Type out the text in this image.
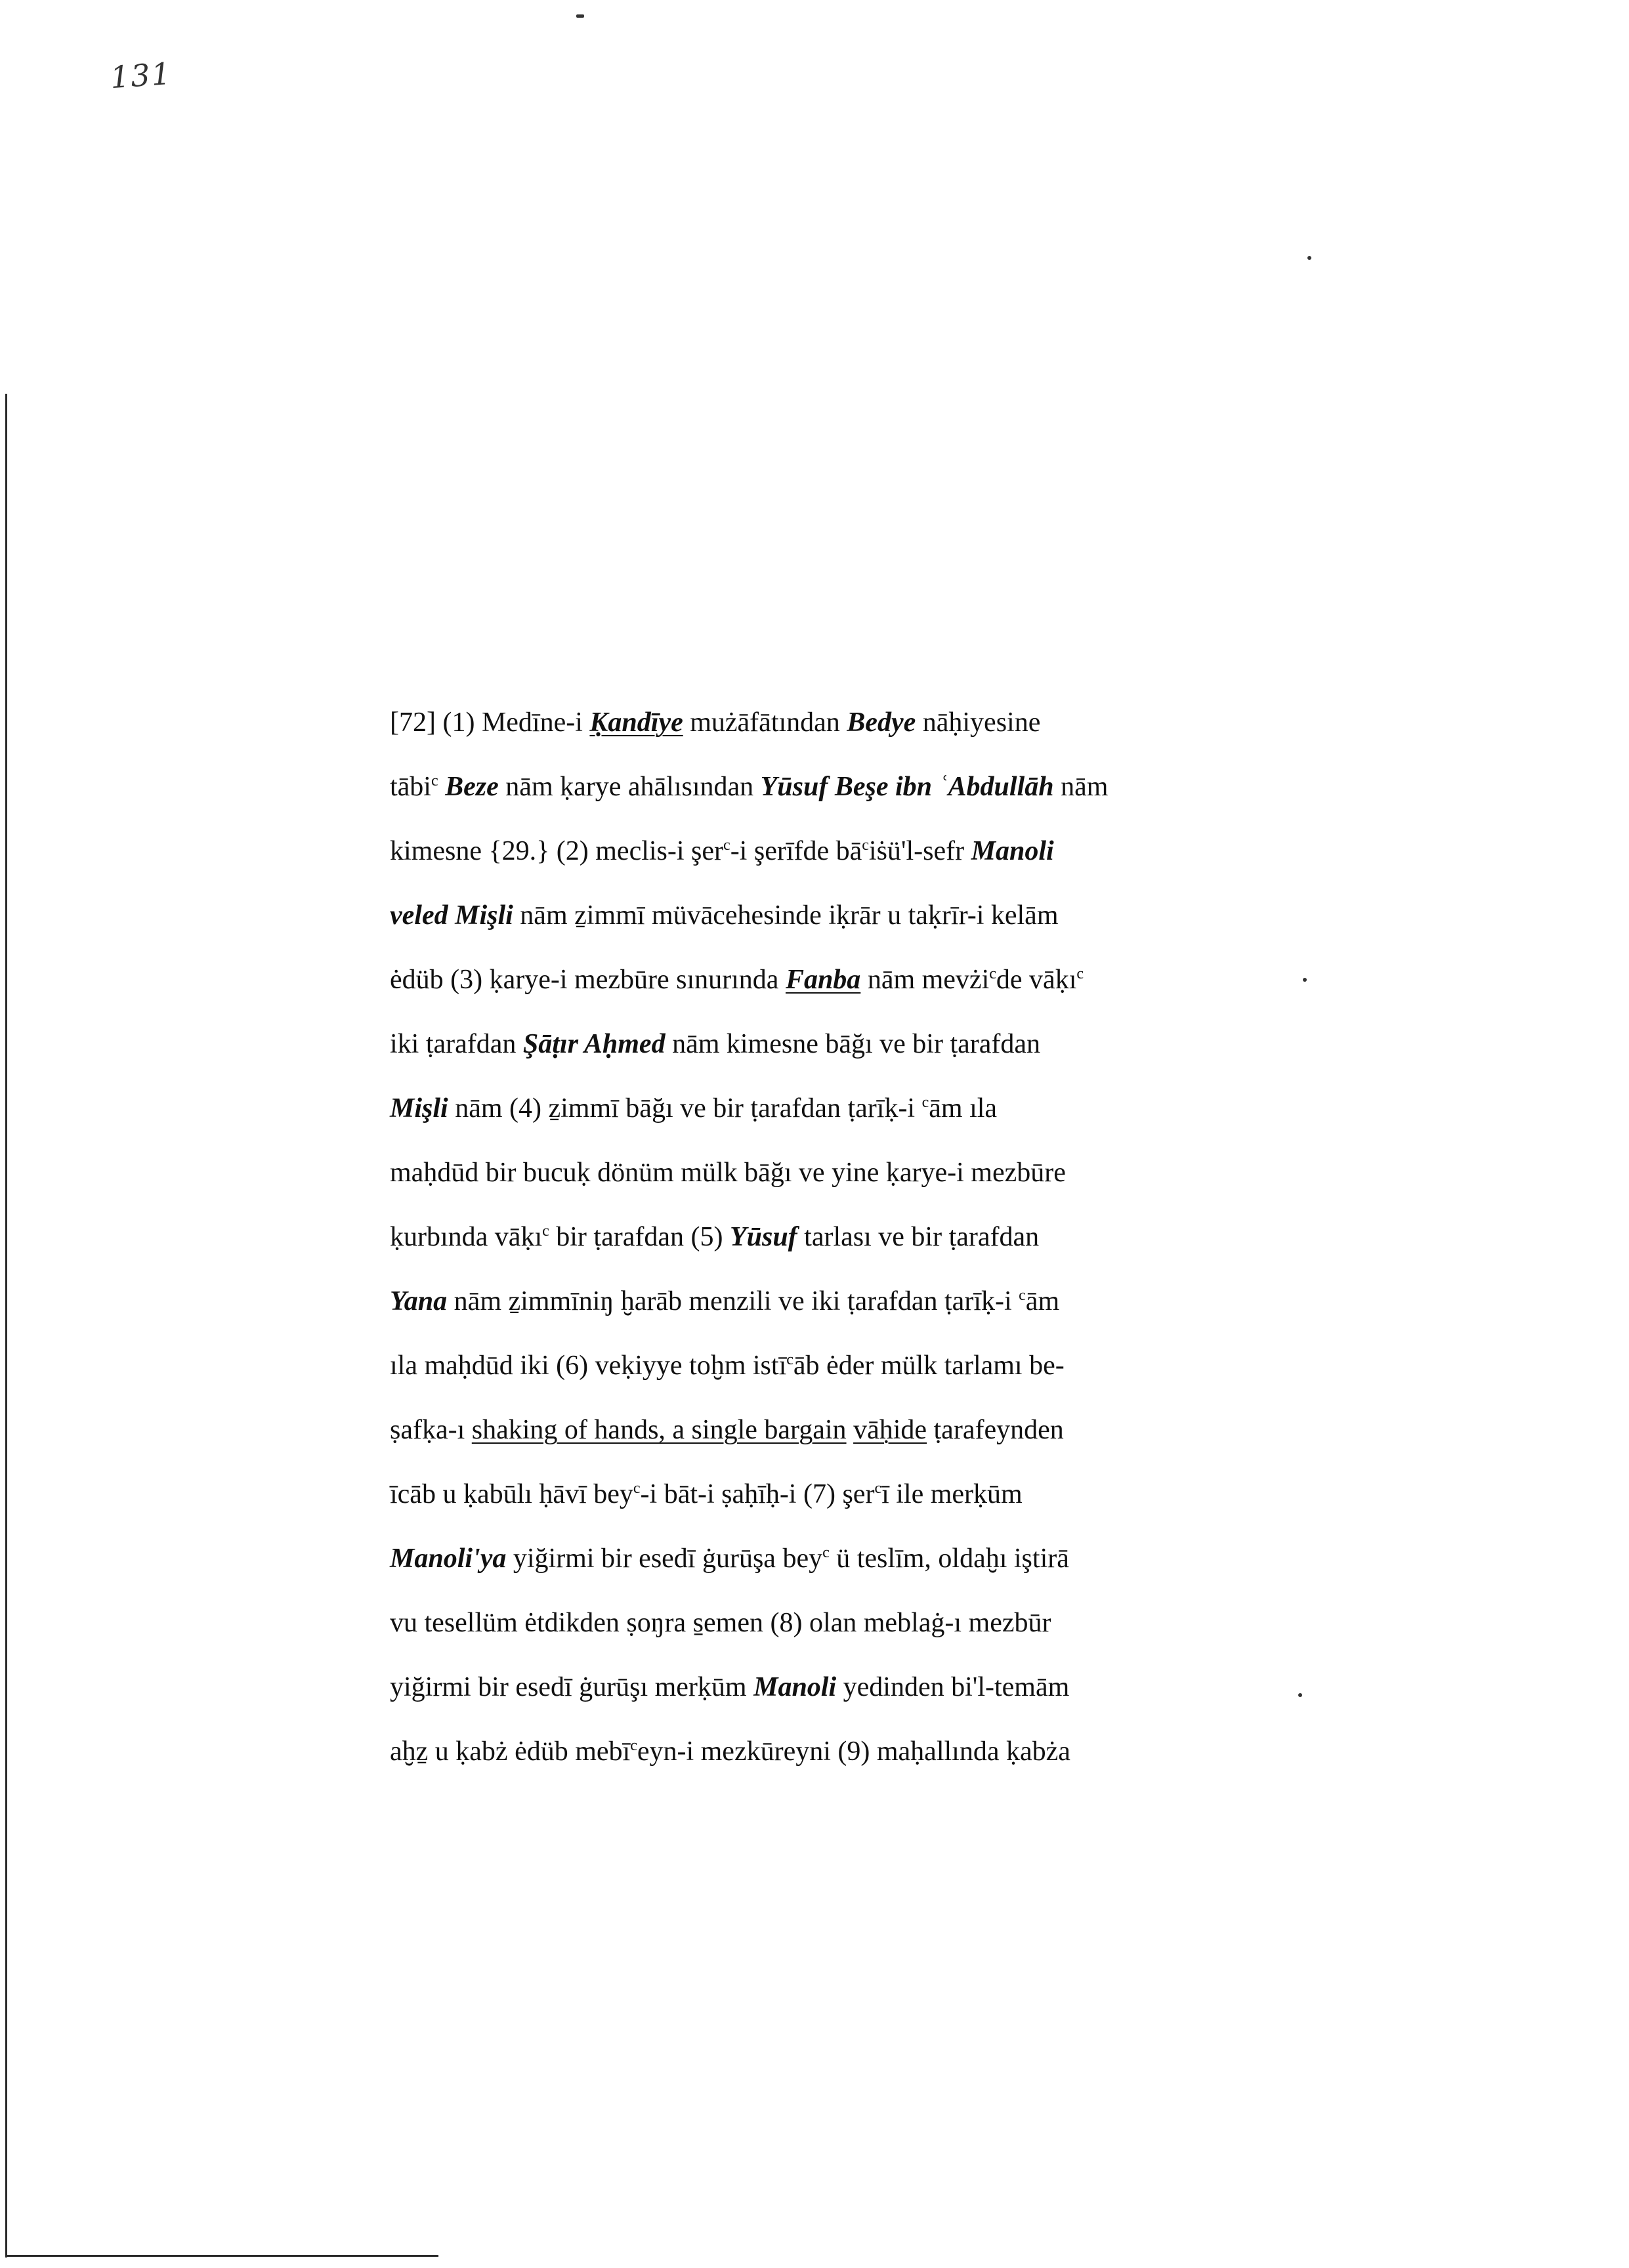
131
[72] (1) Medīne-i Ḳandīye mużāfātından Bedye nāḥiyesine
tābi$^c$ Beze nām ḳarye ahālısından Yūsuf Beşe ibn ʿAbdullāh nām
kimesne {29.} (2) meclis-i şer$^c$-i şerīfde $bā^ciṡü'l$-sefr Manoli
veled Mişli nām ẕimmī müvācehesinde iḳrār u taḳrīr-i kelām
ėdüb (3) ḳarye-i mezbūre sınurında Fanba nām mevżi$^c$de vāḳı$^c$
iki ṭarafdan Şāṭır Aḥmed nām kimesne bāğı ve bir ṭarafdan
Mişli nām (4) ẕimmī bāğı ve bir ṭarafdan ṭarīḳ-i $^c$ām ıla
maḥdūd bir bucuḳ dönüm mülk bāğı ve yine ḳarye-i mezbūre
ḳurbında vāḳı$^c$ bir ṭarafdan (5) Yūsuf tarlası ve bir ṭarafdan
Yana nām ẕimmīniŋ ḫarāb menzili ve iki ṭarafdan ṭarīḳ-i $^c$ām
ıla maḥdūd iki (6) veḳiyye toḫm istī$^c$āb ėder mülk tarlamı be-
ṣafḳa-ı shaking of hands, a single bargain vāḥide ṭarafeynden
īcāb u ḳabūlı ḥāvī bey$^c$-i bāt-i ṣaḥīḥ-i (7) şer$^c$ī ile merḳūm
Manoli'ya yiğirmi bir esedī ġurūşa bey$^c$ ü teslīm, oldaḫı iştirā
vu tesellüm ėtdikden ṣoŋra s̱emen (8) olan meblaġ-ı mezbūr
yiğirmi bir esedī ġurūşı merḳūm Manoli yedinden bi'l-temām
aḫẕ u ḳabż ėdüb mebī$^c$eyn-i mezkūreyni (9) maḥallında ḳabża
